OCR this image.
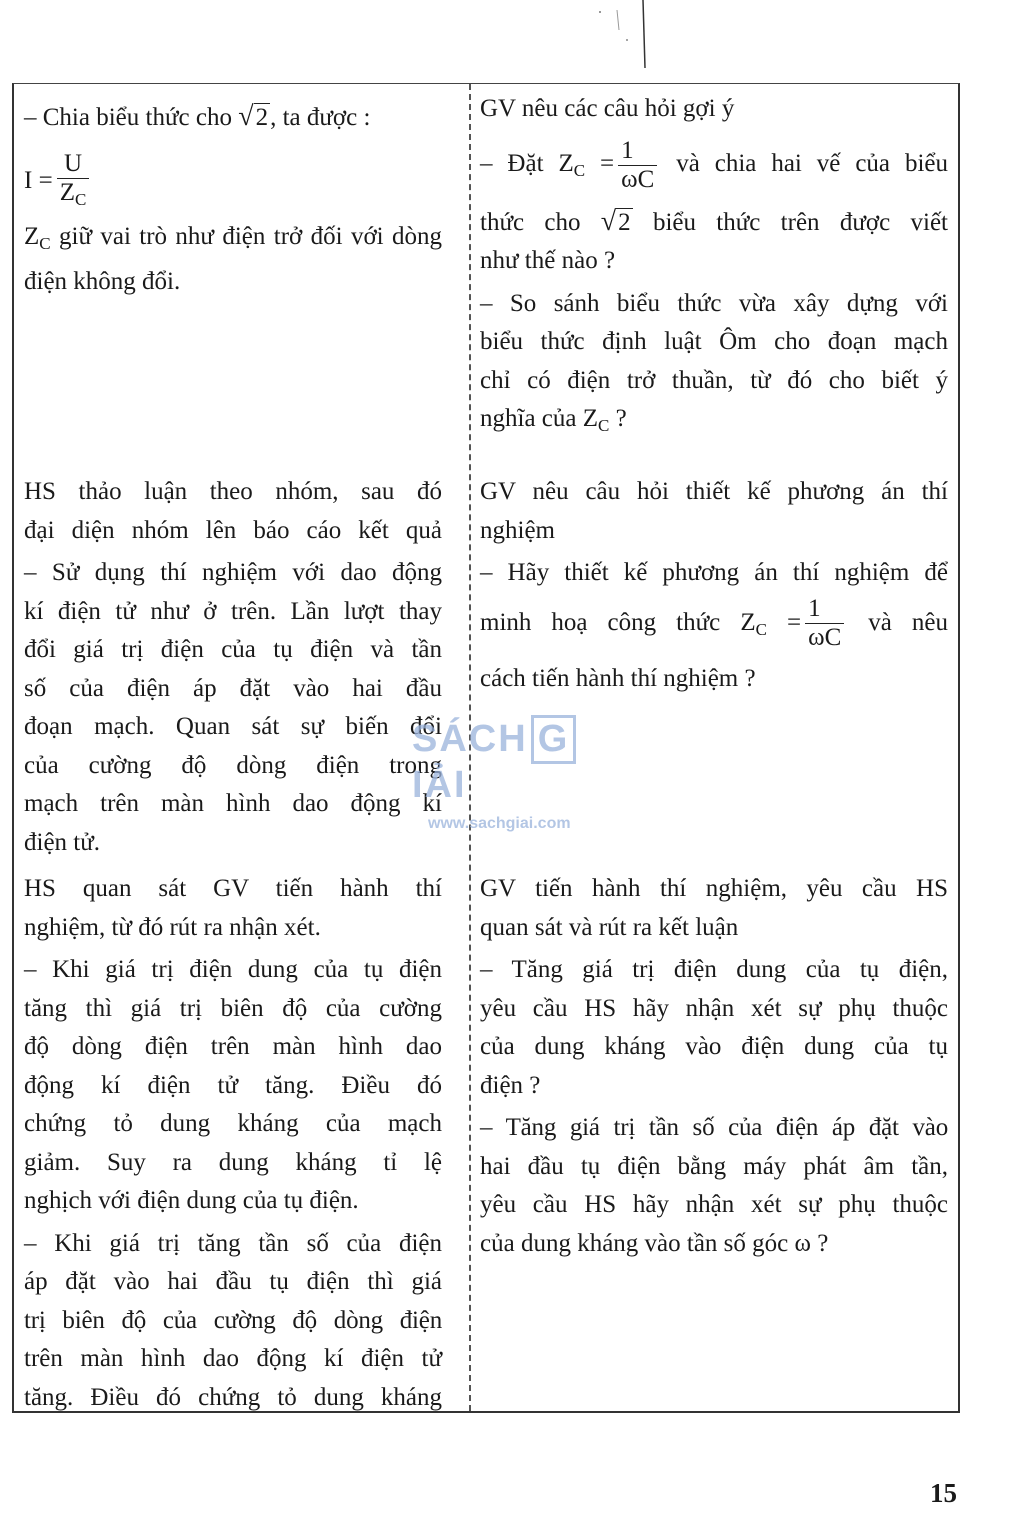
– Chia biểu thức cho √2, ta được :

$I = \frac{U}{Z_C}$

$Z_C$ giữ vai trò như điện trở đối với dòng điện không đổi.

HS thảo luận theo nhóm, sau đó

đại diện nhóm lên báo cáo kết quả

– Sử dụng thí nghiệm với dao động

kí điện tử như ở trên. Lần lượt thay

đổi giá trị điện của tụ điện và tần

số của điện áp đặt vào hai đầu

đoạn mạch. Quan sát sự biến đổi

của cường độ dòng điện trong

mạch trên màn hình dao động kí

điện tử.

HS quan sát GV tiến hành thí

nghiệm, từ đó rút ra nhận xét.

– Khi giá trị điện dung của tụ điện

tăng thì giá trị biên độ của cường

độ dòng điện trên màn hình dao

động kí điện tử tăng. Điều đó

chứng tỏ dung kháng của mạch

giảm. Suy ra dung kháng tỉ lệ

nghịch với điện dung của tụ điện.

– Khi giá trị tăng tần số của điện

áp đặt vào hai đầu tụ điện thì giá

trị biên độ của cường độ dòng điện

trên màn hình dao động kí điện tử

tăng. Điều đó chứng tỏ dung kháng

GV nêu các câu hỏi gợi ý

– Đặt $Z_C = \frac{1}{\omega C}$ và chia hai vế của biểu

thức cho √2 biểu thức trên được viết

như thế nào ?

– So sánh biểu thức vừa xây dựng với

biểu thức định luật Ôm cho đoạn mạch

chỉ có điện trở thuần, từ đó cho biết ý

nghĩa của $Z_C$ ?

GV nêu câu hỏi thiết kế phương án thí

nghiệm

– Hãy thiết kế phương án thí nghiệm để

minh hoạ công thức $Z_C = \frac{1}{\omega C}$ và nêu

cách tiến hành thí nghiệm ?

GV tiến hành thí nghiệm, yêu cầu HS

quan sát và rút ra kết luận

– Tăng giá trị điện dung của tụ điện,

yêu cầu HS hãy nhận xét sự phụ thuộc

của dung kháng vào điện dung của tụ

điện ?

– Tăng giá trị tần số của điện áp đặt vào

hai đầu tụ điện bằng máy phát âm tần,

yêu cầu HS hãy nhận xét sự phụ thuộc

của dung kháng vào tần số góc ω ?

SÁCH GIẢI
www.sachgiai.com
15
